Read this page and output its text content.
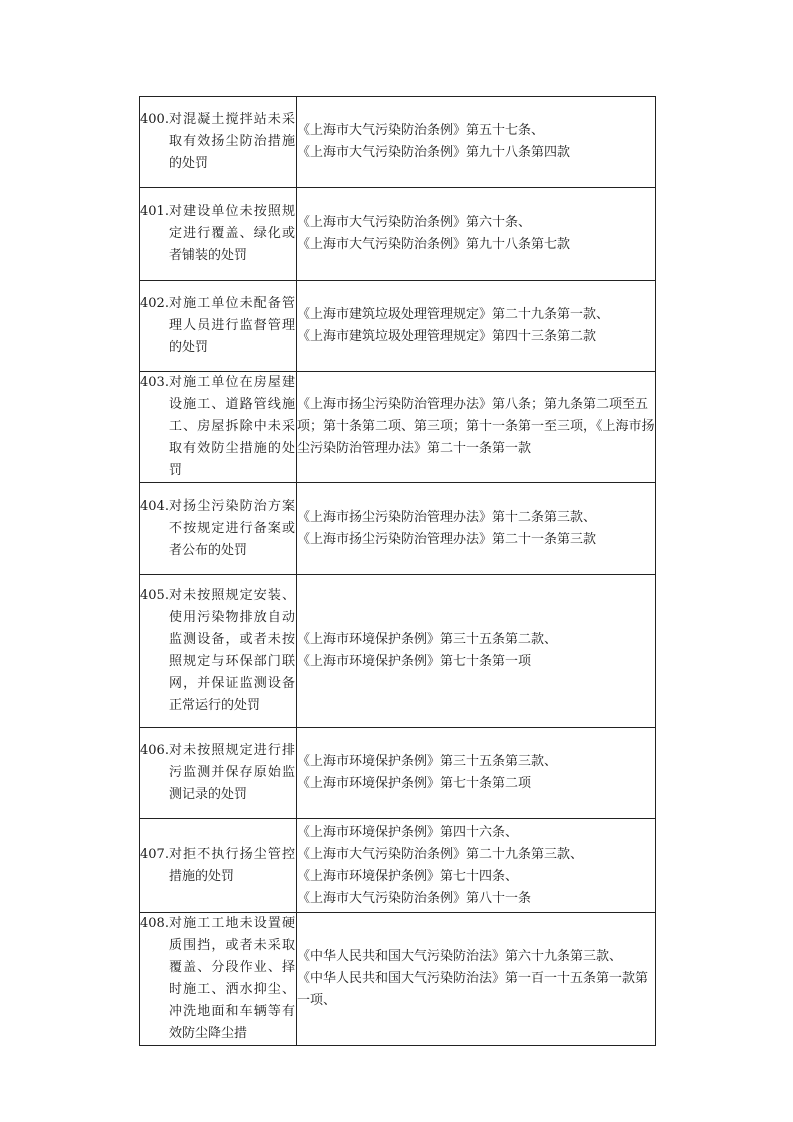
400. 对混凝土搅拌站未采取有效扬尘防治措施的处罚	《上海市大气污染防治条例》第五十七条、
《上海市大气污染防治条例》第九十八条第四款

401. 对建设单位未按照规定进行覆盖、绿化或者铺装的处罚	《上海市大气污染防治条例》第六十条、
《上海市大气污染防治条例》第九十八条第七款

402. 对施工单位未配备管理人员进行监督管理的处罚	《上海市建筑垃圾处理管理规定》第二十九条第一款、
《上海市建筑垃圾处理管理规定》第四十三条第二款

403. 对施工单位在房屋建设施工、道路管线施工、房屋拆除中未采取有效防尘措施的处罚	《上海市扬尘污染防治管理办法》第八条；第九条第二项至五项；第十条第二项、第三项；第十一条第一至三项，《上海市扬尘污染防治管理办法》第二十一条第一款

404. 对扬尘污染防治方案不按规定进行备案或者公布的处罚	《上海市扬尘污染防治管理办法》第十二条第三款、
《上海市扬尘污染防治管理办法》第二十一条第三款

405. 对未按照规定安装、使用污染物排放自动监测设备，或者未按照规定与环保部门联网，并保证监测设备正常运行的处罚	《上海市环境保护条例》第三十五条第二款、
《上海市环境保护条例》第七十条第一项

406. 对未按照规定进行排污监测并保存原始监测记录的处罚	《上海市环境保护条例》第三十五条第三款、
《上海市环境保护条例》第七十条第二项

407. 对拒不执行扬尘管控措施的处罚	《上海市环境保护条例》第四十六条、
《上海市大气污染防治条例》第二十九条第三款、
《上海市环境保护条例》第七十四条、
《上海市大气污染防治条例》第八十一条

408. 对施工工地未设置硬质围挡，或者未采取覆盖、分段作业、择时施工、洒水抑尘、冲洗地面和车辆等有效防尘降尘措	《中华人民共和国大气污染防治法》第六十九条第三款、
《中华人民共和国大气污染防治法》第一百一十五条第一款第一项、
